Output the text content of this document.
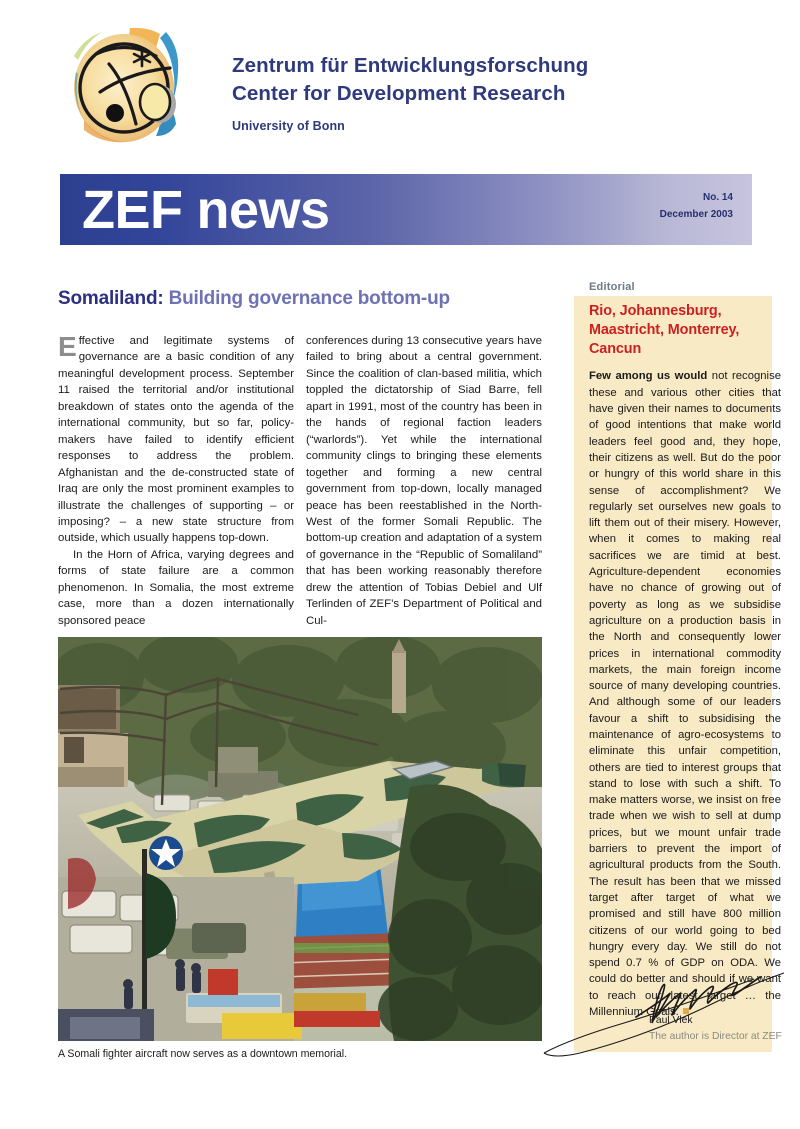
Zentrum für Entwicklungsforschung
Center for Development Research
University of Bonn
ZEF news	No. 14
December 2003
Somaliland: Building governance bottom-up

Effective and legitimate systems of governance are a basic condition of any meaningful development process. September 11 raised the territorial and/or institutional breakdown of states onto the agenda of the international community, but so far, policy-makers have failed to identify efficient responses to address the problem. Afghanistan and the de-constructed state of Iraq are only the most prominent examples to illustrate the challenges of supporting – or imposing? – a new state structure from outside, which usually happens top-down.

In the Horn of Africa, varying degrees and forms of state failure are a common phenomenon. In Somalia, the most extreme case, more than a dozen internationally sponsored peace

conferences during 13 consecutive years have failed to bring about a central government. Since the coalition of clan-based militia, which toppled the dictatorship of Siad Barre, fell apart in 1991, most of the country has been in the hands of regional faction leaders (“warlords”). Yet while the international community clings to bringing these elements together and forming a new central government from top-down, locally managed peace has been reestablished in the North-West of the former Somali Republic. The bottom-up creation and adaptation of a system of governance in the “Republic of Somaliland” that has been working reasonably therefore drew the attention of Tobias Debiel and Ulf Terlinden of ZEF’s Department of Political and Cul-

A Somali fighter aircraft now serves as a downtown memorial.
Editorial
Rio, Johannesburg, Maastricht, Monterrey, Cancun

Few among us would not recognise these and various other cities that have given their names to documents of good intentions that make world leaders feel good and, they hope, their citizens as well. But do the poor or hungry of this world share in this sense of accomplishment? We regularly set ourselves new goals to lift them out of their misery. However, when it comes to making real sacrifices we are timid at best. Agriculture-dependent economies have no chance of growing out of poverty as long as we subsidise agriculture on a production basis in the North and consequently lower prices in international commodity markets, the main foreign income source of many developing countries. And although some of our leaders favour a shift to subsidising the maintenance of agro-ecosystems to eliminate this unfair competition, others are tied to interest groups that stand to lose with such a shift. To make matters worse, we insist on free trade when we wish to sell at dump prices, but we mount unfair trade barriers to prevent the import of agricultural products from the South. The result has been that we missed target after target of what we promised and still have 800 million citizens of our world going to bed hungry every day. We still do not spend 0.7 % of GDP on ODA. We could do better and should if we want to reach our latest target … the Millennium Goals.

Paul Vlek
The author is Director at ZEF
